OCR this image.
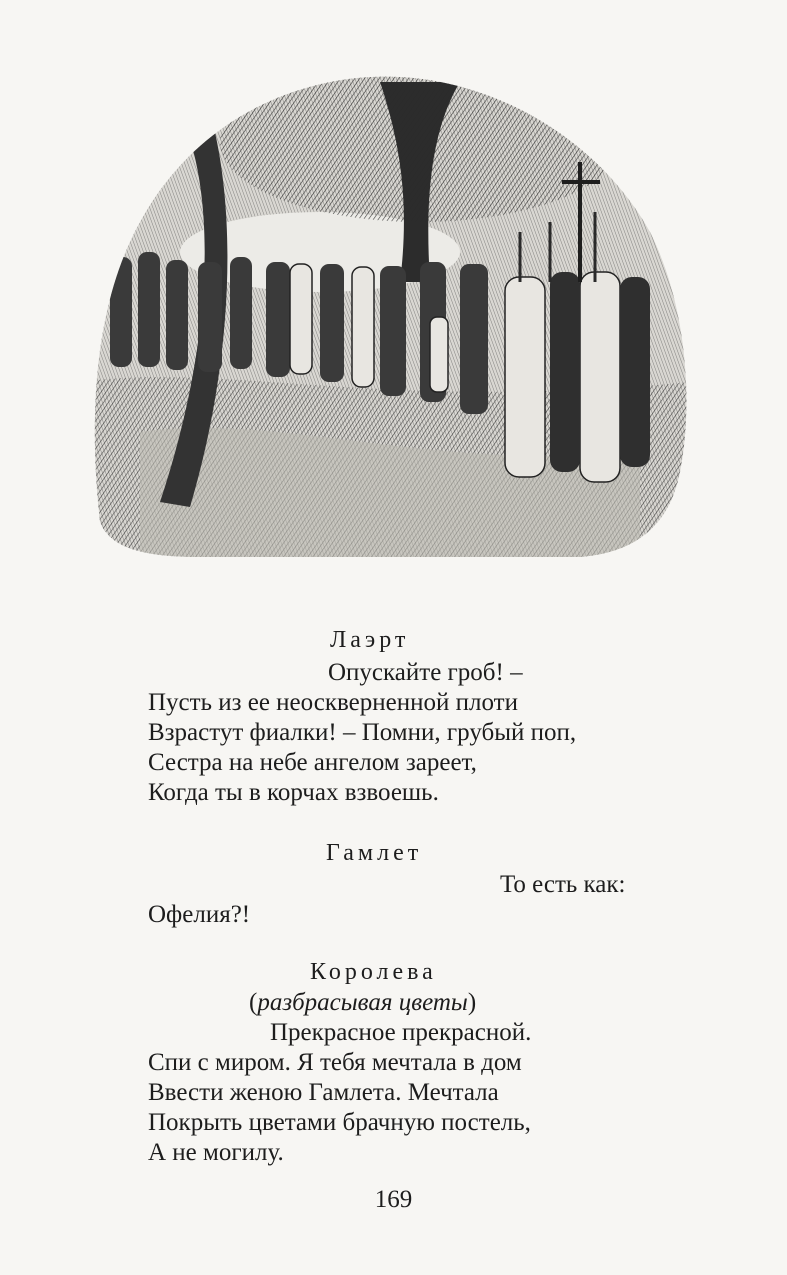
Лаэрт
Опускайте гроб! –
Пусть из ее неоскверненной плоти
Взрастут фиалки! – Помни, грубый поп,
Сестра на небе ангелом зареет,
Когда ты в корчах взвоешь.
Гамлет
То есть как:
Офелия?!
Королева
(разбрасывая цветы)
Прекрасное прекрасной.
Спи с миром. Я тебя мечтала в дом
Ввести женою Гамлета. Мечтала
Покрыть цветами брачную постель,
А не могилу.
169
